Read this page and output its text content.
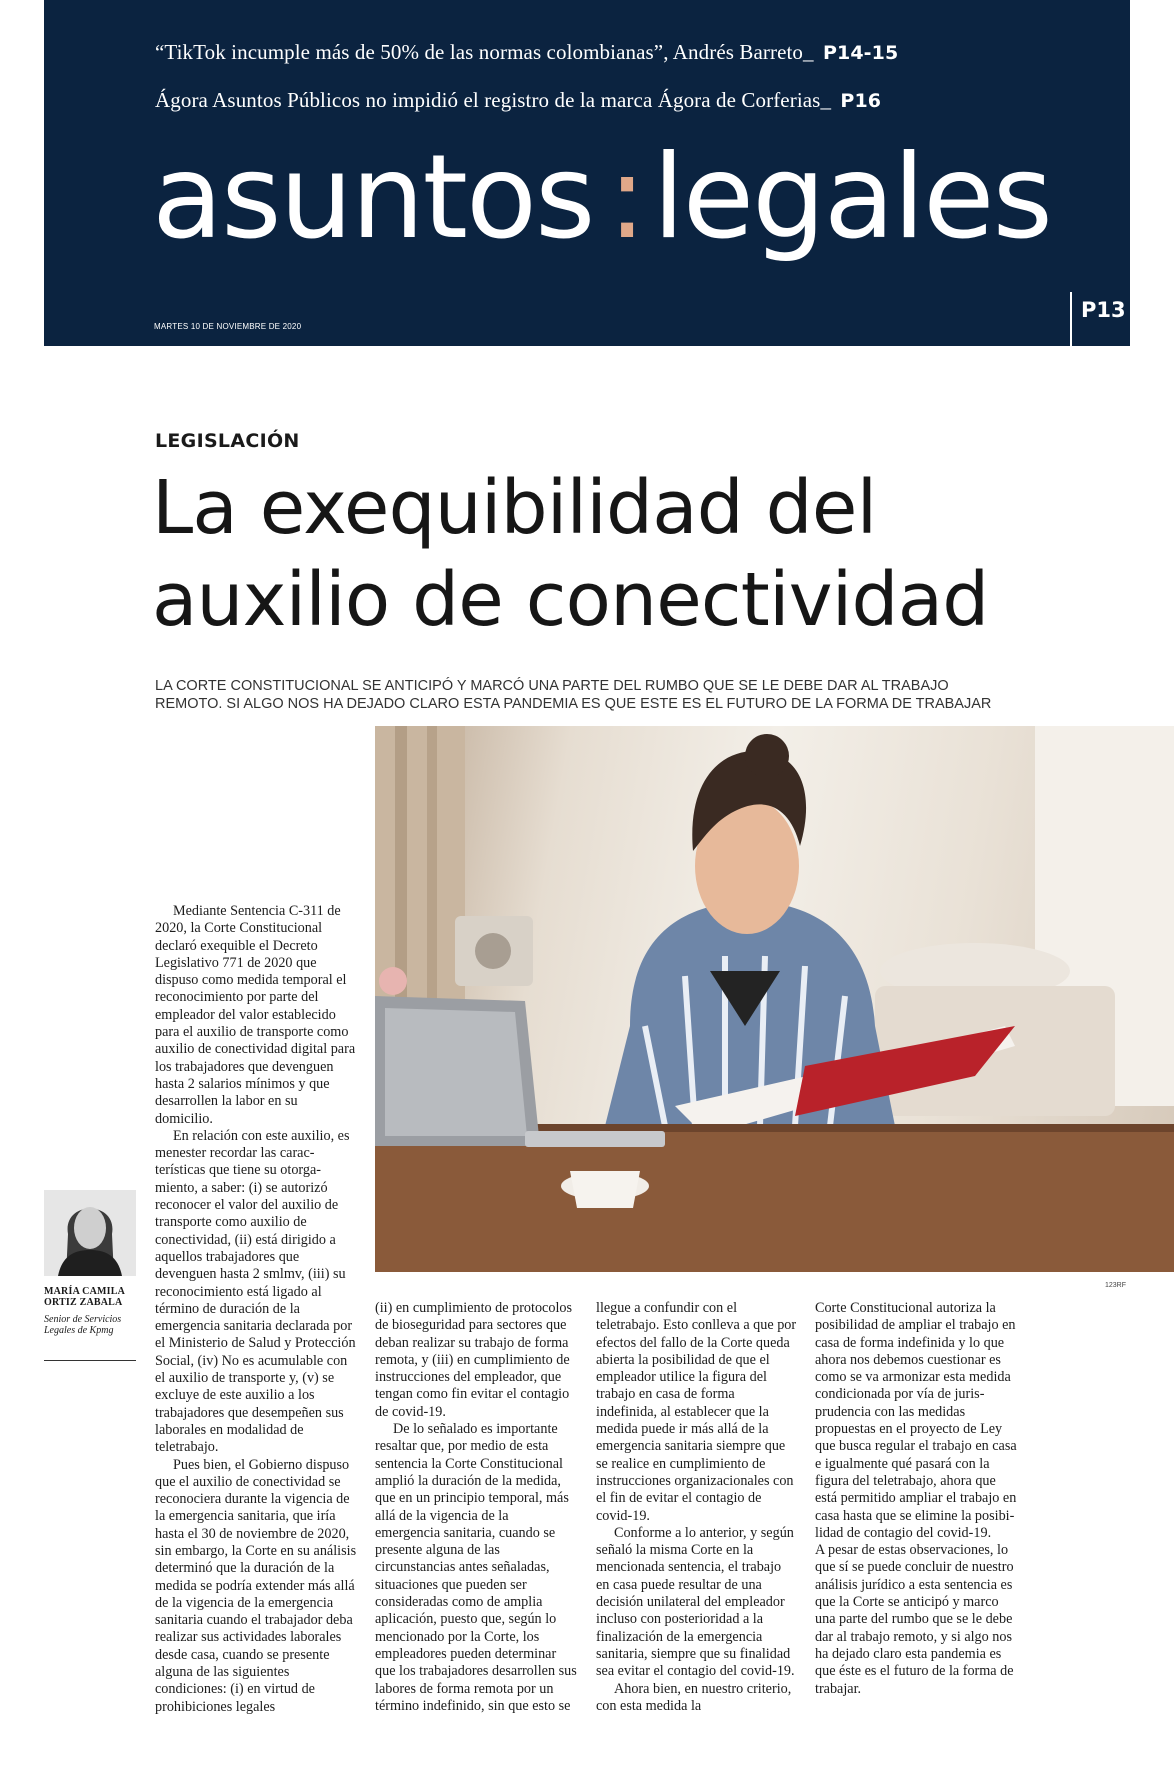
“TikTok incumple más de 50% de las normas colombianas”, Andrés Barreto_ P14-15
Ágora Asuntos Públicos no impidió el registro de la marca Ágora de Corferias_ P16
asuntos :legales
MARTES 10 DE NOVIEMBRE DE 2020
P13
LEGISLACIÓN
La exequibilidad del
auxilio de conectividad

LA CORTE CONSTITUCIONAL SE ANTICIPÓ Y MARCÓ UNA PARTE DEL RUMBO QUE SE LE DEBE DAR AL TRABAJO REMOTO. SI ALGO NOS HA DEJADO CLARO ESTA PANDEMIA ES QUE ESTE ES EL FUTURO DE LA FORMA DE TRABAJAR

123RF

Mediante Sentencia C-311 de 2020, la Corte Constitucional declaró exequible el Decreto Legislativo 771 de 2020 que dispuso como medida temporal el reconocimiento por parte del empleador del valor establecido para el auxilio de transporte como auxilio de conectividad digital para los trabajadores que devenguen hasta 2 salarios mínimos y que desarrollen la labor en su domicilio.

En relación con este auxilio, es menester recordar las características que tiene su otorgamiento, a saber: (i) se autorizó reconocer el valor del auxilio de transporte como auxilio de conectividad, (ii) está dirigido a aquellos trabajadores que devenguen hasta 2 smlmv, (iii) su reconocimiento está ligado al término de duración de la emergencia sanitaria declarada por el Ministerio de Salud y Protección Social, (iv) No es acumulable con el auxilio de transporte y, (v) se excluye de este auxilio a los trabajadores que desempeñen sus laborales en modalidad de teletrabajo.

Pues bien, el Gobierno dispuso que el auxilio de conectividad se reconociera durante la vigencia de la emergencia sanitaria, que iría hasta el 30 de noviembre de 2020, sin embargo, la Corte en su análisis determinó que la duración de la medida se podría extender más allá de la vigencia de la emergencia sanitaria cuando el trabajador deba realizar sus actividades laborales desde casa, cuando se presente alguna de las siguientes condiciones: (i) en virtud de prohibiciones legales

MARÍA CAMILA ORTIZ ZABALA

Senior de Servicios Legales de Kpmg

(ii) en cumplimiento de protocolos de bioseguridad para sectores que deban realizar su trabajo de forma remota, y (iii) en cumplimiento de instrucciones del empleador, que tengan como fin evitar el contagio de covid-19.

De lo señalado es importante resaltar que, por medio de esta sentencia la Corte Constitucional amplió la duración de la medida, que en un principio temporal, más allá de la vigencia de la emergencia sanitaria, cuando se presente alguna de las circunstancias antes señaladas, situaciones que pueden ser consideradas como de amplia aplicación, puesto que, según lo mencionado por la Corte, los empleadores pueden determinar que los trabajadores desarrollen sus labores de forma remota por un término indefinido, sin que esto se

llegue a confundir con el teletrabajo. Esto conlleva a que por efectos del fallo de la Corte queda abierta la posibilidad de que el empleador utilice la figura del trabajo en casa de forma indefinida, al establecer que la medida puede ir más allá de la emergencia sanitaria siempre que se realice en cumplimiento de instrucciones organizacionales con el fin de evitar el contagio de covid-19.

Conforme a lo anterior, y según señaló la misma Corte en la mencionada sentencia, el trabajo en casa puede resultar de una decisión unilateral del empleador incluso con posterioridad a la finalización de la emergencia sanitaria, siempre que su finalidad sea evitar el contagio del covid-19.

Ahora bien, en nuestro criterio, con esta medida la

Corte Constitucional autoriza la posibilidad de ampliar el trabajo en casa de forma indefinida y lo que ahora nos debemos cuestionar es como se va armonizar esta medida condicionada por vía de jurisprudencia con las medidas propuestas en el proyecto de Ley que busca regular el trabajo en casa e igualmente qué pasará con la figura del teletrabajo, ahora que está permitido ampliar el trabajo en casa hasta que se elimine la posibilidad de contagio del covid-19.

A pesar de estas observaciones, lo que sí se puede concluir de nuestro análisis jurídico a esta sentencia es que la Corte se anticipó y marco una parte del rumbo que se le debe dar al trabajo remoto, y si algo nos ha dejado claro esta pandemia es que éste es el futuro de la forma de trabajar.
